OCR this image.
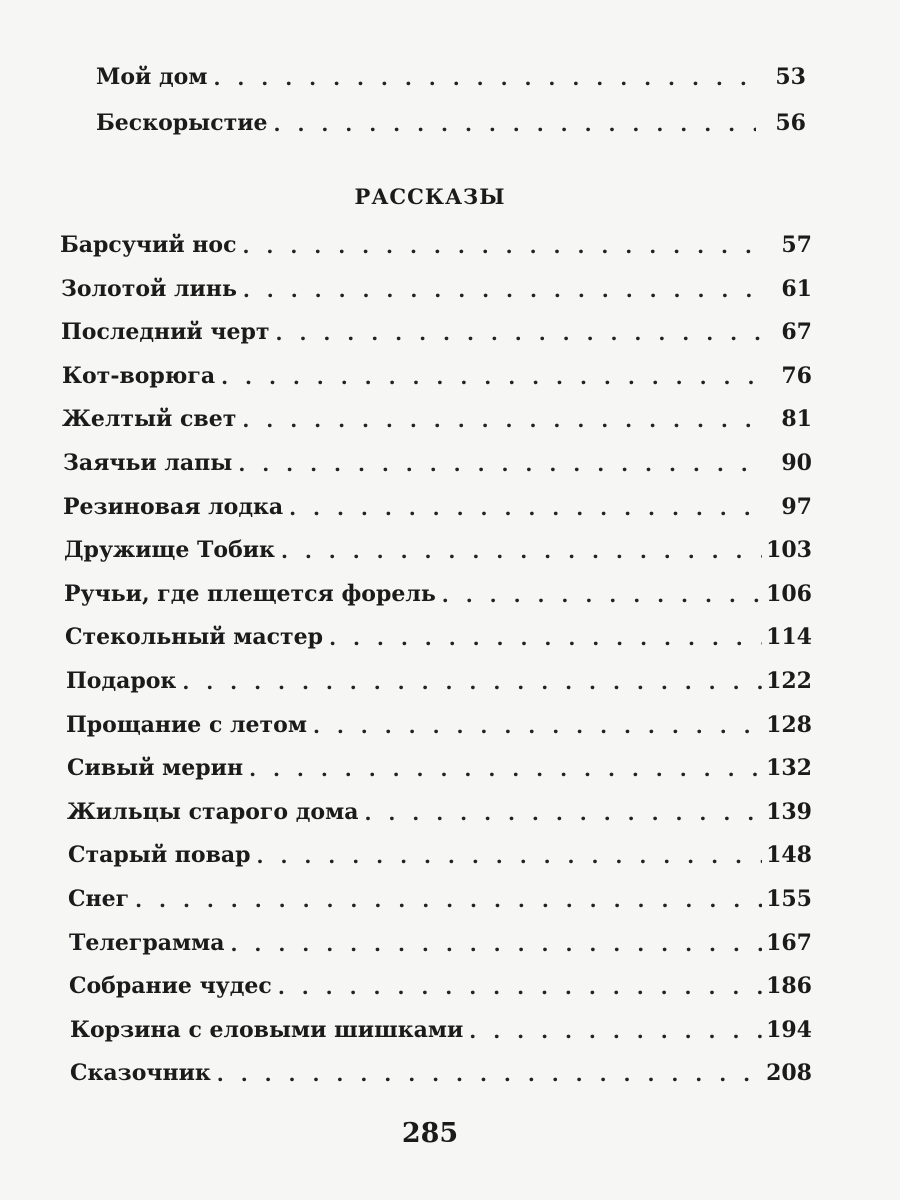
Мой дом . . .	53
Бескорыстие . . .	56
РАССКАЗЫ
Барсучий нос . . .	57
Золотой линь . . .	61
Последний черт . . .	67
Кот-ворюга . . .	76
Желтый свет . . .	81
Заячьи лапы . . .	90
Резиновая лодка . . .	97
Дружище Тобик . . .	103
Ручьи, где плещется форель . . .	106
Стекольный мастер . . .	114
Подарок . . .	122
Прощание с летом . . .	128
Сивый мерин . . .	132
Жильцы старого дома . . .	139
Старый повар . . .	148
Снег . . .	155
Телеграмма . . .	167
Собрание чудес . . .	186
Корзина с еловыми шишками . . .	194
Сказочник . . .	208
285
